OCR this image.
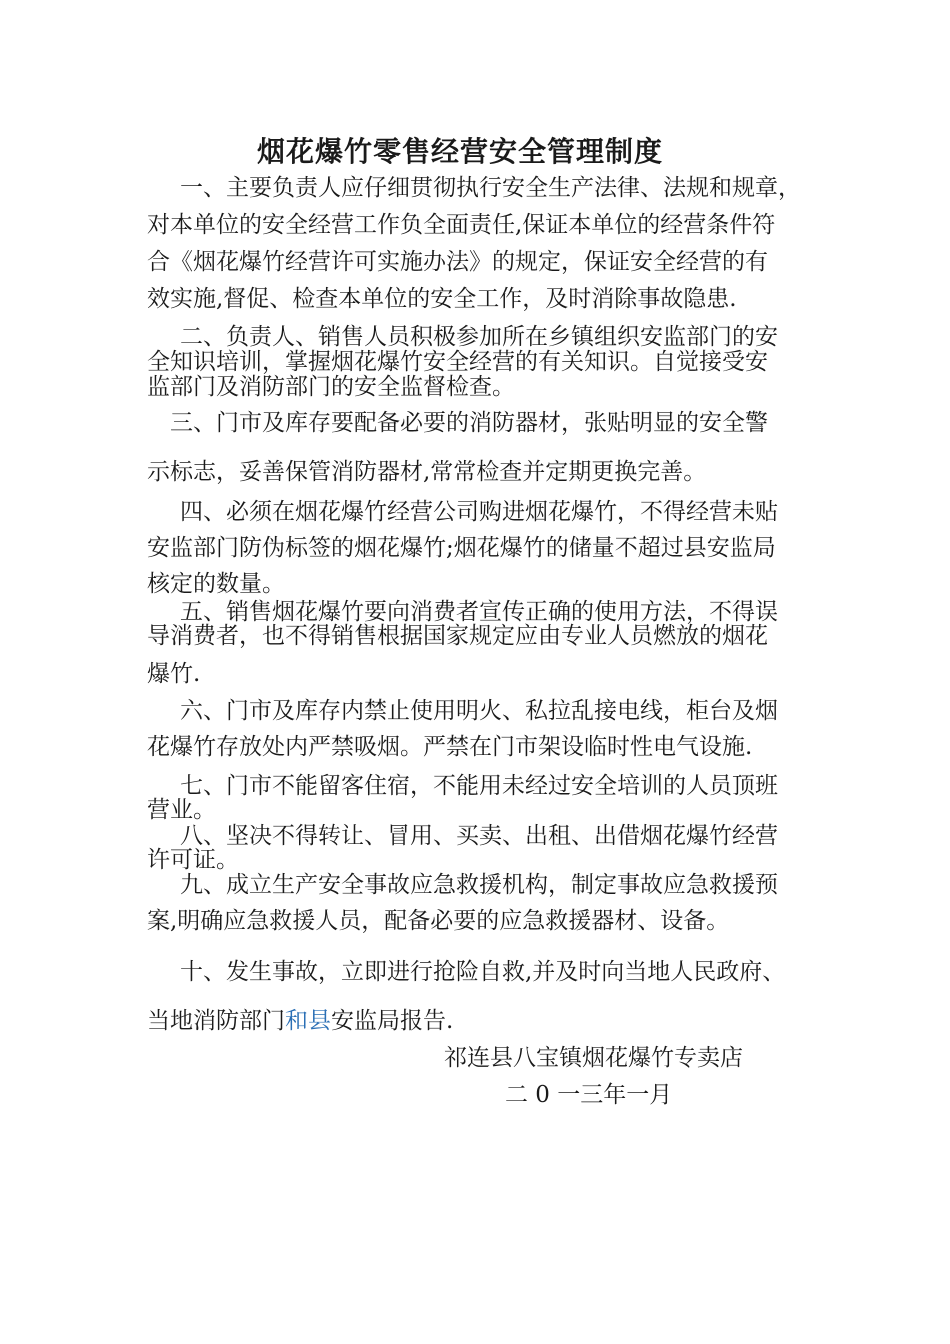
烟花爆竹零售经营安全管理制度
一、主要负责人应仔细贯彻执行安全生产法律、法规和规章，
对本单位的安全经营工作负全面责任,保证本单位的经营条件符
合《烟花爆竹经营许可实施办法》的规定，保证安全经营的有
效实施,督促、检查本单位的安全工作，及时消除事故隐患.
二、负责人、销售人员积极参加所在乡镇组织安监部门的安
全知识培训，掌握烟花爆竹安全经营的有关知识。自觉接受安
监部门及消防部门的安全监督检查。
三、门市及库存要配备必要的消防器材，张贴明显的安全警
示标志，妥善保管消防器材,常常检查并定期更换完善。
四、必须在烟花爆竹经营公司购进烟花爆竹，不得经营未贴
安监部门防伪标签的烟花爆竹;烟花爆竹的储量不超过县安监局
核定的数量。
五、销售烟花爆竹要向消费者宣传正确的使用方法，不得误
导消费者，也不得销售根据国家规定应由专业人员燃放的烟花
爆竹.
六、门市及库存内禁止使用明火、私拉乱接电线，柜台及烟
花爆竹存放处内严禁吸烟。严禁在门市架设临时性电气设施.
七、门市不能留客住宿，不能用未经过安全培训的人员顶班
营业。
八、坚决不得转让、冒用、买卖、出租、出借烟花爆竹经营
许可证。
九、成立生产安全事故应急救援机构，制定事故应急救援预
案,明确应急救援人员，配备必要的应急救援器材、设备。
十、发生事故，立即进行抢险自救,并及时向当地人民政府、
当地消防部门和县安监局报告.
祁连县八宝镇烟花爆竹专卖店
二 0 一三年一月
